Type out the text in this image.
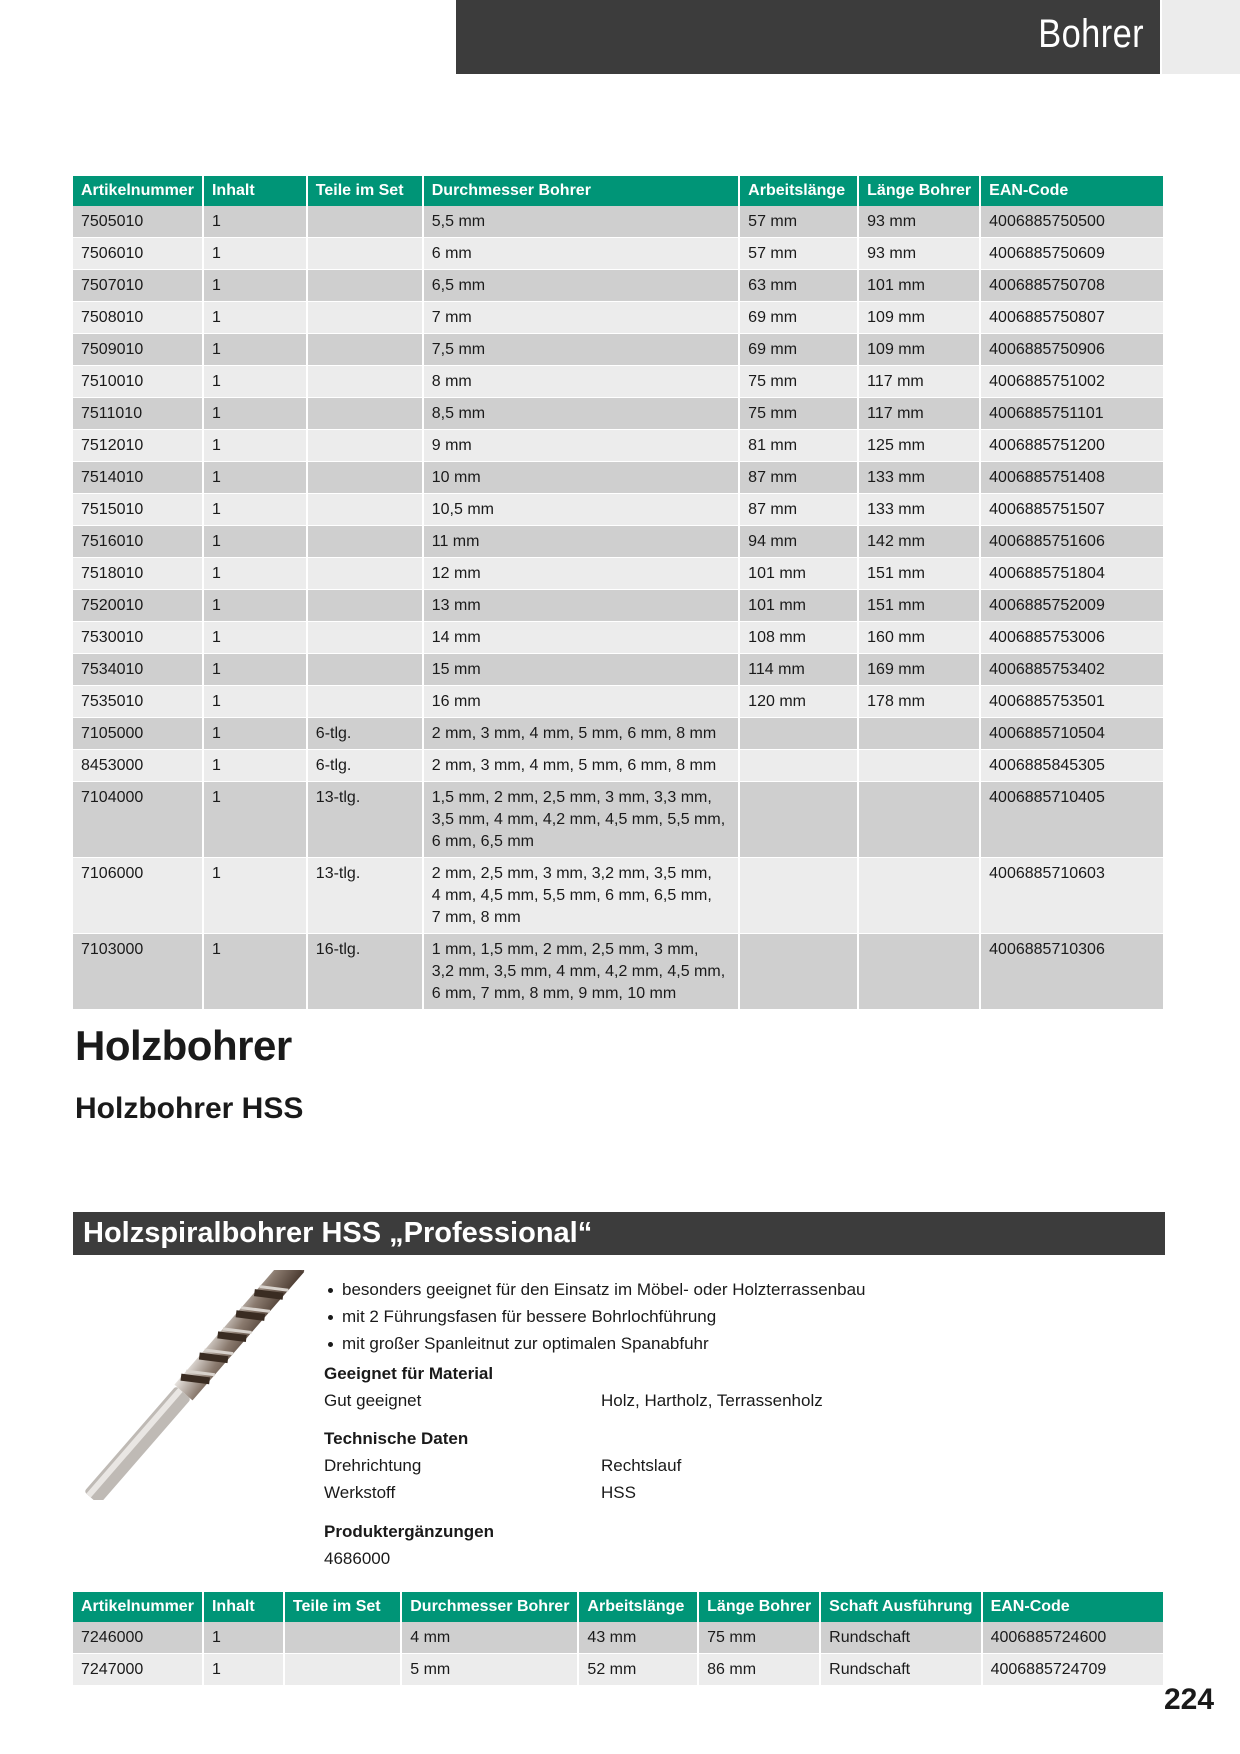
Bohrer
Artikelnummer	Inhalt	Teile im Set	Durchmesser Bohrer	Arbeitslänge	Länge Bohrer	EAN-Code
7505010	1		5,5 mm	57 mm	93 mm	4006885750500
7506010	1		6 mm	57 mm	93 mm	4006885750609
7507010	1		6,5 mm	63 mm	101 mm	4006885750708
7508010	1		7 mm	69 mm	109 mm	4006885750807
7509010	1		7,5 mm	69 mm	109 mm	4006885750906
7510010	1		8 mm	75 mm	117 mm	4006885751002
7511010	1		8,5 mm	75 mm	117 mm	4006885751101
7512010	1		9 mm	81 mm	125 mm	4006885751200
7514010	1		10 mm	87 mm	133 mm	4006885751408
7515010	1		10,5 mm	87 mm	133 mm	4006885751507
7516010	1		11 mm	94 mm	142 mm	4006885751606
7518010	1		12 mm	101 mm	151 mm	4006885751804
7520010	1		13 mm	101 mm	151 mm	4006885752009
7530010	1		14 mm	108 mm	160 mm	4006885753006
7534010	1		15 mm	114 mm	169 mm	4006885753402
7535010	1		16 mm	120 mm	178 mm	4006885753501
7105000	1	6-tlg.	2 mm, 3 mm, 4 mm, 5 mm, 6 mm, 8 mm			4006885710504
8453000	1	6-tlg.	2 mm, 3 mm, 4 mm, 5 mm, 6 mm, 8 mm			4006885845305
7104000	1	13-tlg.	1,5 mm, 2 mm, 2,5 mm, 3 mm, 3,3 mm,
3,5 mm, 4 mm, 4,2 mm, 4,5 mm, 5,5 mm,
6 mm, 6,5 mm			4006885710405
7106000	1	13-tlg.	2 mm, 2,5 mm, 3 mm, 3,2 mm, 3,5 mm,
4 mm, 4,5 mm, 5,5 mm, 6 mm, 6,5 mm,
7 mm, 8 mm			4006885710603
7103000	1	16-tlg.	1 mm, 1,5 mm, 2 mm, 2,5 mm, 3 mm,
3,2 mm, 3,5 mm, 4 mm, 4,2 mm, 4,5 mm,
6 mm, 7 mm, 8 mm, 9 mm, 10 mm			4006885710306
Holzbohrer
Holzbohrer HSS
Holzspiralbohrer HSS „Professional“
besonders geeignet für den Einsatz im Möbel- oder Holzterrassenbau
mit 2 Führungsfasen für bessere Bohrlochführung
mit großer Spanleitnut zur optimalen Spanabfuhr
Geeignet für Material
Gut geeignet	Holz, Hartholz, Terrassenholz
Technische Daten
Drehrichtung	Rechtslauf
Werkstoff	HSS
Produktergänzungen
4686000
Artikelnummer	Inhalt	Teile im Set	Durchmesser Bohrer	Arbeitslänge	Länge Bohrer	Schaft Ausführung	EAN-Code
7246000	1		4 mm	43 mm	75 mm	Rundschaft	4006885724600
7247000	1		5 mm	52 mm	86 mm	Rundschaft	4006885724709
224
